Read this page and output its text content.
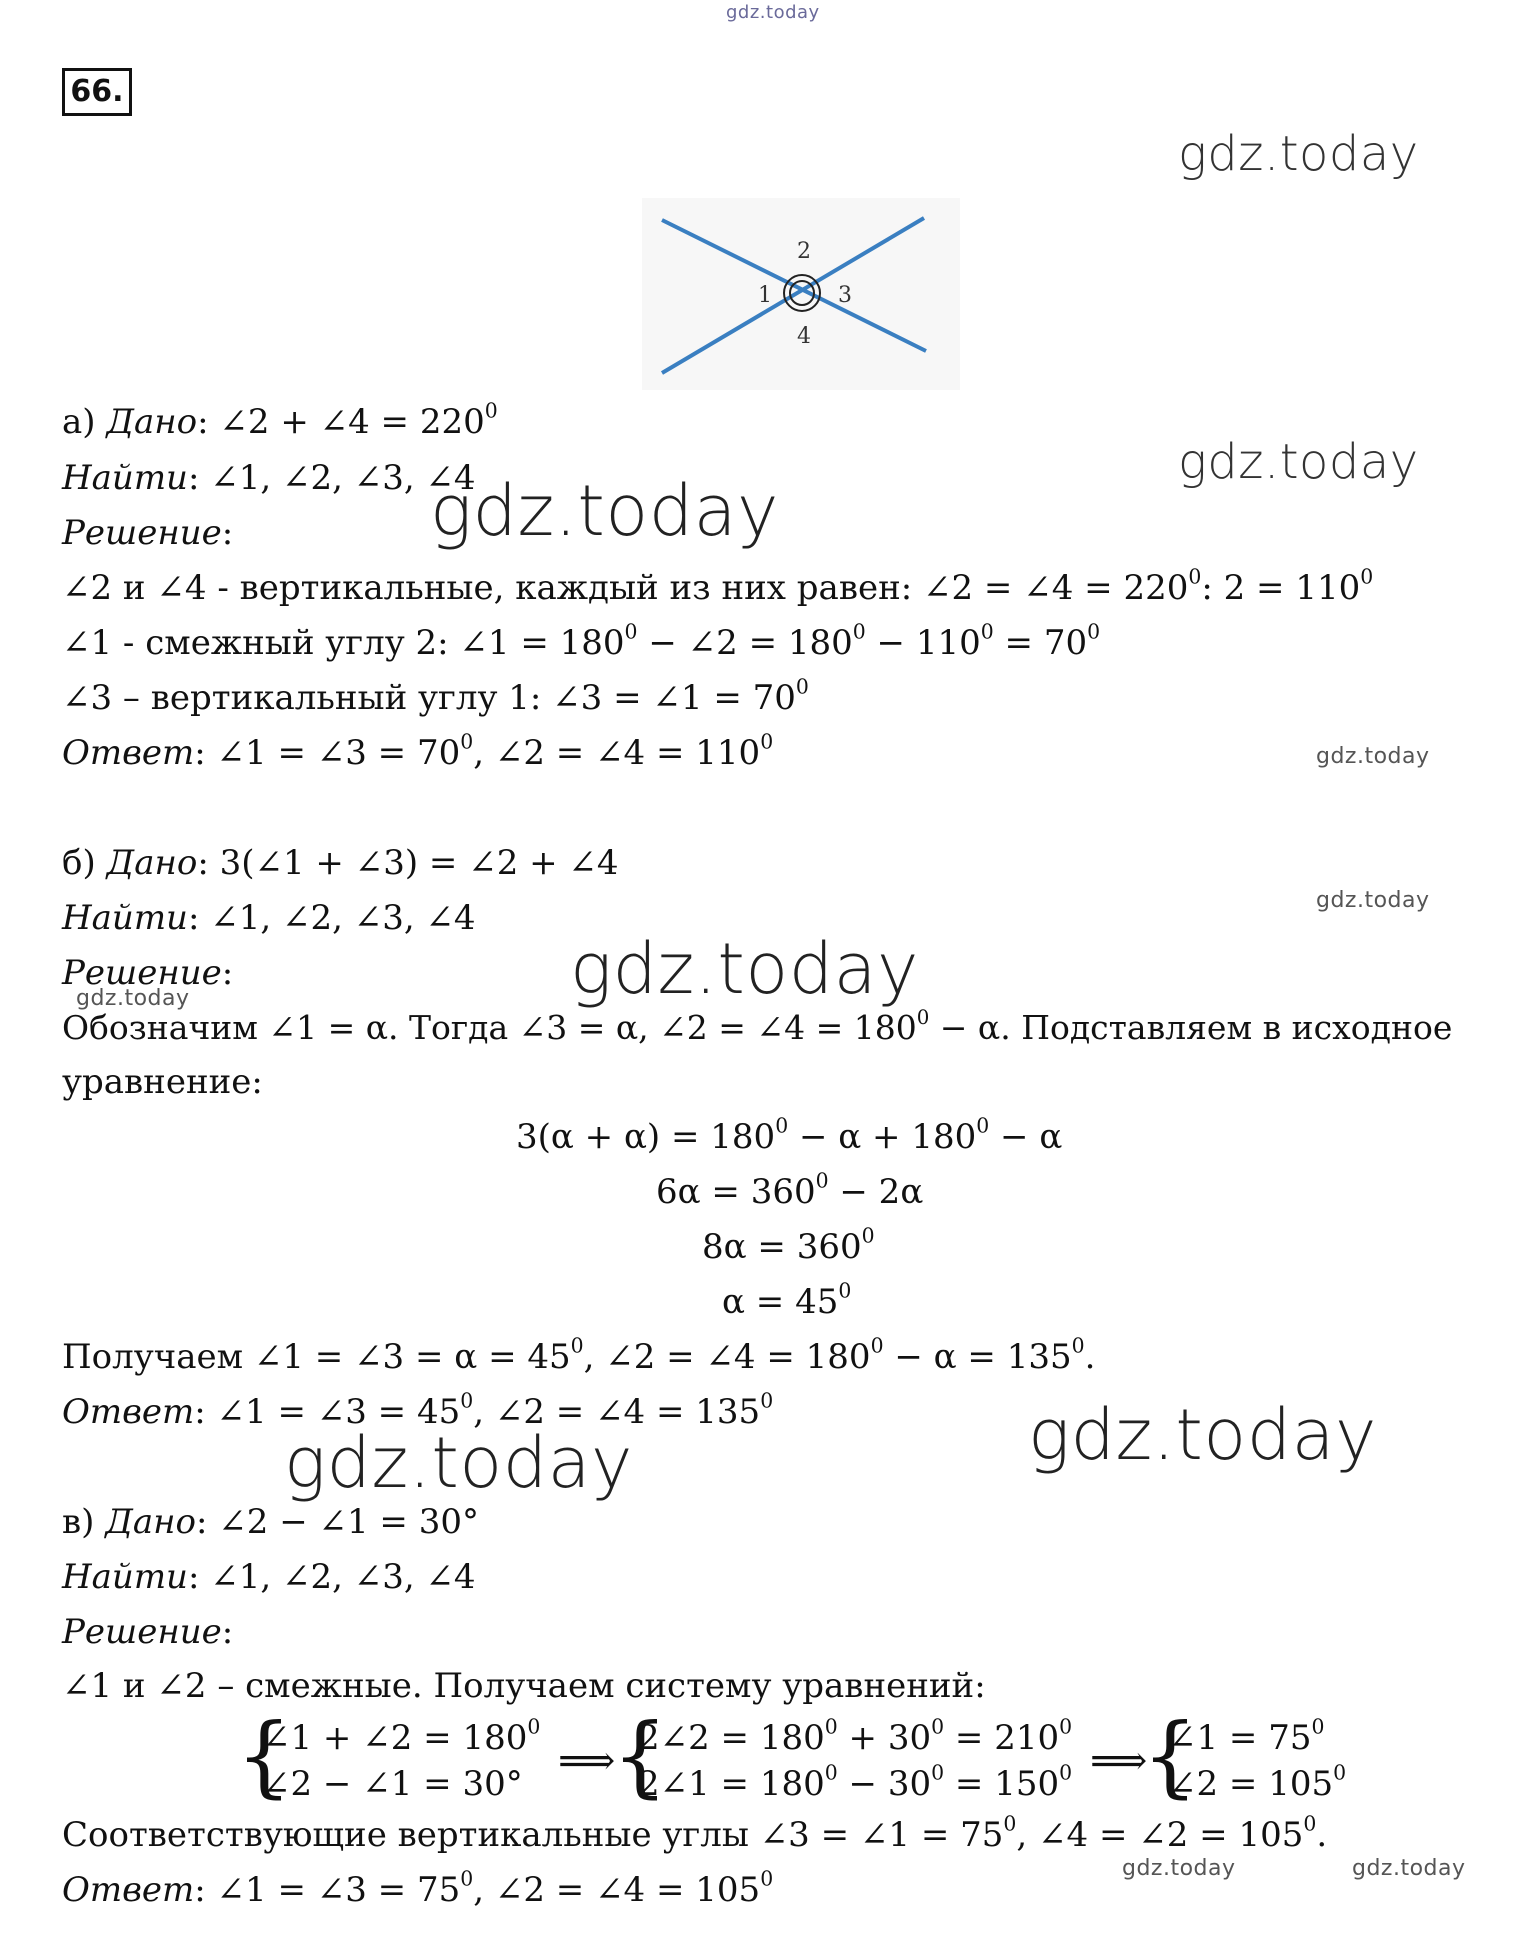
gdz.today
gdz.today
gdz.today
gdz.today
gdz.today
gdz.today
gdz.today
gdz.today
gdz.today
gdz.today
gdz.today	gdz.today
66.
1
2
3
4
а) Дано: ∠2 + ∠4 = $220^0$
Найти: ∠1, ∠2, ∠3, ∠4
Решение:
∠2 и ∠4 - вертикальные, каждый из них равен: ∠2 = ∠4 = $220^0$: $2 = 110^0$
∠1 - смежный углу 2: ∠1 = $180^0$ − ∠2 = $180^0 - 110^0 = 70^0$
∠3 – вертикальный углу 1: ∠3 = ∠1 = $70^0$
Ответ: ∠1 = ∠3 = $70^0$, ∠2 = ∠4 = $110^0$
б) Дано: 3(∠1 + ∠3) = ∠2 + ∠4
Найти: ∠1, ∠2, ∠3, ∠4
Решение:
Обозначим ∠1 = α. Тогда ∠3 = α, ∠2 = ∠4 = $180^0 - \alpha$. Подставляем в исходное
уравнение:
$3(\alpha + \alpha) = 180^0 - \alpha + 180^0 - \alpha$
$6\alpha = 360^0 - 2\alpha$
$8\alpha = 360^0$
$\alpha = 45^0$
Получаем ∠1 = ∠3 = $\alpha = 45^0$, ∠2 = ∠4 = $180^0 - \alpha = 135^0$.
Ответ: ∠1 = ∠3 = $45^0$, ∠2 = ∠4 = $135^0$
в) Дано: ∠2 − ∠1 = 30°
Найти: ∠1, ∠2, ∠3, ∠4
Решение:
∠1 и ∠2 – смежные. Получаем систему уравнений:
{
∠1 + ∠2 = $180^0$
∠2 − ∠1 = 30° ⟹
{
2∠2 = $180^0 + 30^0 = 210^0$
2∠1 = $180^0 - 30^0 = 150^0$ ⟹
{
∠1 = $75^0$
∠2 = $105^0$
Соответствующие вертикальные углы ∠3 = ∠1 = $75^0$, ∠4 = ∠2 = $105^0$.
Ответ: ∠1 = ∠3 = $75^0$, ∠2 = ∠4 = $105^0$
